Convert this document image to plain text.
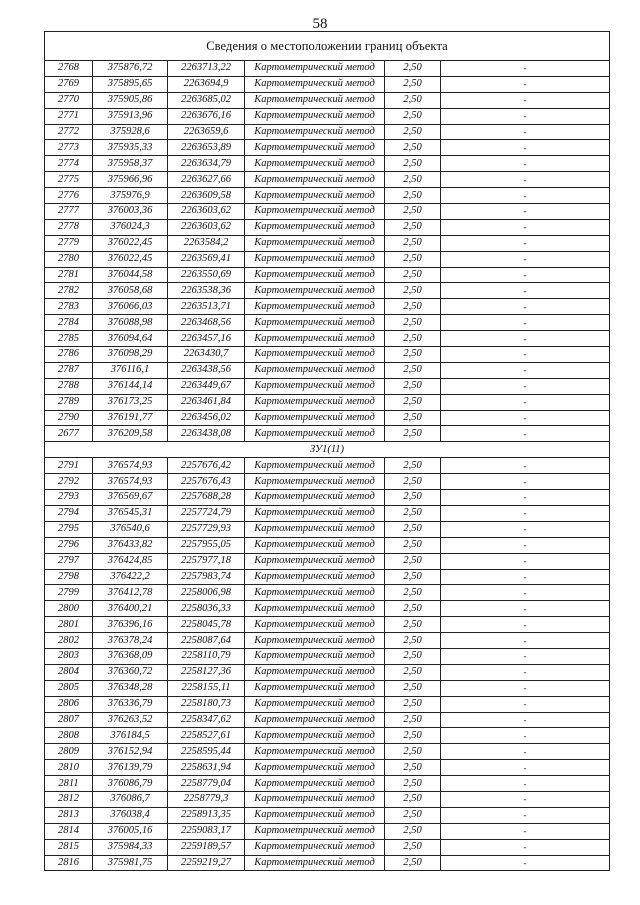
58
Сведения о местоположении границ объекта					
2768	375876,72	2263713,22	Картометрический метод	2,50	-
2769	375895,65	2263694,9	Картометрический метод	2,50	-
2770	375905,86	2263685,02	Картометрический метод	2,50	-
2771	375913,96	2263676,16	Картометрический метод	2,50	-
2772	375928,6	2263659,6	Картометрический метод	2,50	-
2773	375935,33	2263653,89	Картометрический метод	2,50	-
2774	375958,37	2263634,79	Картометрический метод	2,50	-
2775	375966,96	2263627,66	Картометрический метод	2,50	-
2776	375976,9	2263609,58	Картометрический метод	2,50	-
2777	376003,36	2263603,62	Картометрический метод	2,50	-
2778	376024,3	2263603,62	Картометрический метод	2,50	-
2779	376022,45	2263584,2	Картометрический метод	2,50	-
2780	376022,45	2263569,41	Картометрический метод	2,50	-
2781	376044,58	2263550,69	Картометрический метод	2,50	-
2782	376058,68	2263538,36	Картометрический метод	2,50	-
2783	376066,03	2263513,71	Картометрический метод	2,50	-
2784	376088,98	2263468,56	Картометрический метод	2,50	-
2785	376094,64	2263457,16	Картометрический метод	2,50	-
2786	376098,29	2263430,7	Картометрический метод	2,50	-
2787	376116,1	2263438,56	Картометрический метод	2,50	-
2788	376144,14	2263449,67	Картометрический метод	2,50	-
2789	376173,25	2263461,84	Картометрический метод	2,50	-
2790	376191,77	2263456,02	Картометрический метод	2,50	-
2677	376209,58	2263438,08	Картометрический метод	2,50	-
ЗУ1(11)					
2791	376574,93	2257676,42	Картометрический метод	2,50	-
2792	376574,93	2257676,43	Картометрический метод	2,50	-
2793	376569,67	2257688,28	Картометрический метод	2,50	-
2794	376545,31	2257724,79	Картометрический метод	2,50	-
2795	376540,6	2257729,93	Картометрический метод	2,50	-
2796	376433,82	2257955,05	Картометрический метод	2,50	-
2797	376424,85	2257977,18	Картометрический метод	2,50	-
2798	376422,2	2257983,74	Картометрический метод	2,50	-
2799	376412,78	2258006,98	Картометрический метод	2,50	-
2800	376400,21	2258036,33	Картометрический метод	2,50	-
2801	376396,16	2258045,78	Картометрический метод	2,50	-
2802	376378,24	2258087,64	Картометрический метод	2,50	-
2803	376368,09	2258110,79	Картометрический метод	2,50	-
2804	376360,72	2258127,36	Картометрический метод	2,50	-
2805	376348,28	2258155,11	Картометрический метод	2,50	-
2806	376336,79	2258180,73	Картометрический метод	2,50	-
2807	376263,52	2258347,62	Картометрический метод	2,50	-
2808	376184,5	2258527,61	Картометрический метод	2,50	-
2809	376152,94	2258595,44	Картометрический метод	2,50	-
2810	376139,79	2258631,94	Картометрический метод	2,50	-
2811	376086,79	2258779,04	Картометрический метод	2,50	-
2812	376086,7	2258779,3	Картометрический метод	2,50	-
2813	376038,4	2258913,35	Картометрический метод	2,50	-
2814	376005,16	2259083,17	Картометрический метод	2,50	-
2815	375984,33	2259189,57	Картометрический метод	2,50	-
2816	375981,75	2259219,27	Картометрический метод	2,50	-
